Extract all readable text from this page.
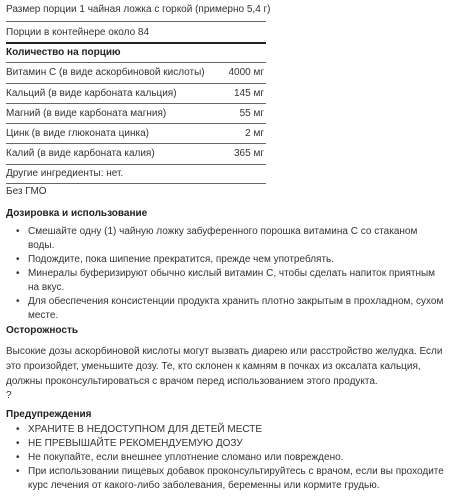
Размер порции 1 чайная ложка с горкой (примерно 5,4 г)
Порции в контейнере около 84
Количество на порцию
Витамин C (в виде аскорбиновой кислоты) 4000 мг
Кальций (в виде карбоната кальция)	145 мг
Магний (в виде карбоната магния)	55 мг
Цинк (в виде глюконата цинка)	2 мг
Калий (в виде карбоната калия)	365 мг
Другие ингредиенты: нет.
Без ГМО
Дозировка и использование
• Смешайте одну (1) чайную ложку забуференного порошка витамина С со стаканом воды.
• Подождите, пока шипение прекратится, прежде чем употреблять.
• Минералы буферизируют обычно кислый витамин С, чтобы сделать напиток приятным на вкус.
• Для обеспечения консистенции продукта хранить плотно закрытым в прохладном, сухом месте.
Осторожность
Высокие дозы аскорбиновой кислоты могут вызвать диарею или расстройство желудка. Если это произойдет, уменьшите дозу. Те, кто склонен к камням в почках из оксалата кальция, должны проконсультироваться с врачом перед использованием этого продукта.
?
Предупреждения
• ХРАНИТЕ В НЕДОСТУПНОМ ДЛЯ ДЕТЕЙ МЕСТЕ
• НЕ ПРЕВЫШАЙТЕ РЕКОМЕНДУЕМУЮ ДОЗУ
• Не покупайте, если внешнее уплотнение сломано или повреждено.
• При использовании пищевых добавок проконсультируйтесь с врачом, если вы проходите курс лечения от какого-либо заболевания, беременны или кормите грудью.
